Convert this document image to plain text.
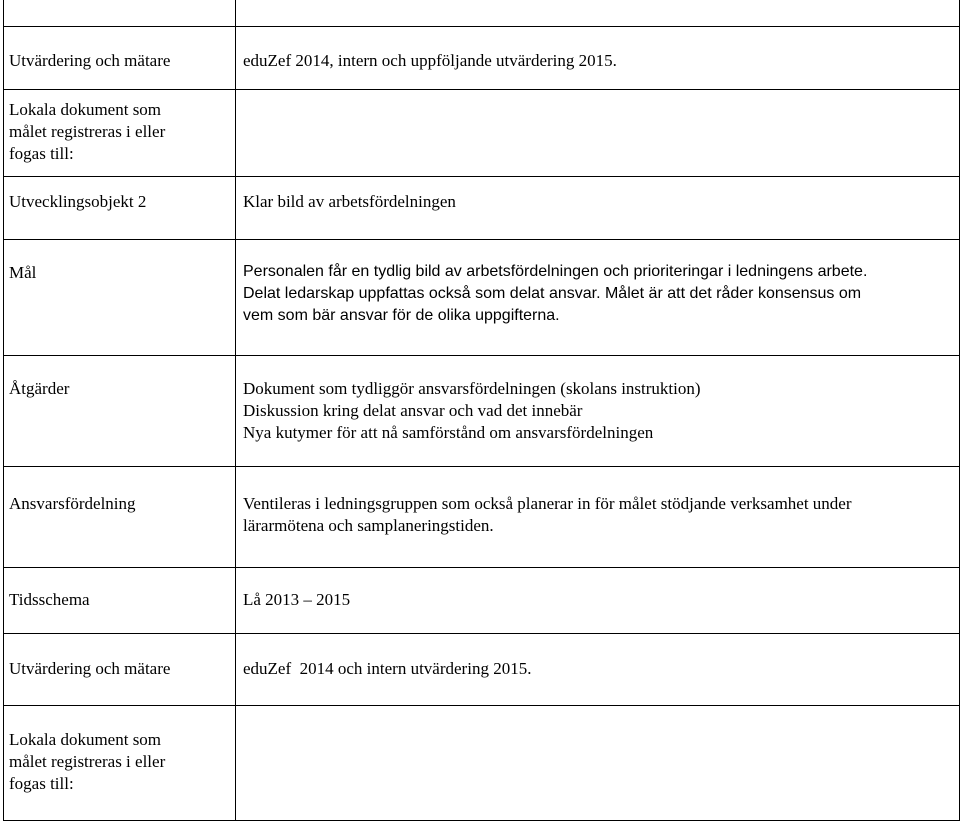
Utvärdering och mätare	eduZef 2014, intern och uppföljande utvärdering 2015.
Lokala dokument som
målet registreras i eller
fogas till:
Utvecklingsobjekt 2	Klar bild av arbetsfördelningen
Mål	Personalen får en tydlig bild av arbetsfördelningen och prioriteringar i ledningens arbete.
Delat ledarskap uppfattas också som delat ansvar. Målet är att det råder konsensus om
vem som bär ansvar för de olika uppgifterna.
Åtgärder	Dokument som tydliggör ansvarsfördelningen (skolans instruktion)
Diskussion kring delat ansvar och vad det innebär
Nya kutymer för att nå samförstånd om ansvarsfördelningen
Ansvarsfördelning	Ventileras i ledningsgruppen som också planerar in för målet stödjande verksamhet under
lärarmötena och samplaneringstiden.
Tidsschema	Lå 2013 – 2015
Utvärdering och mätare	eduZef  2014 och intern utvärdering 2015.
Lokala dokument som
målet registreras i eller
fogas till:
